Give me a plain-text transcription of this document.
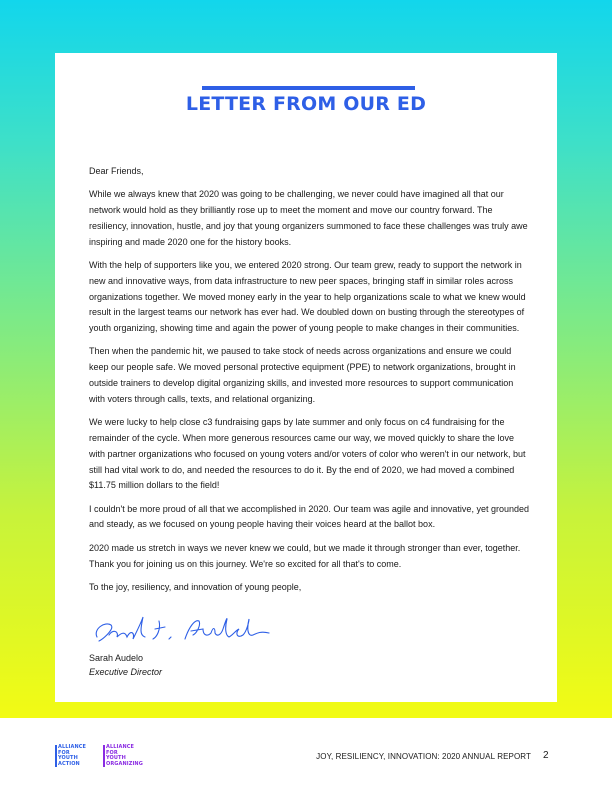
LETTER FROM OUR ED

Dear Friends,

While we always knew that 2020 was going to be challenging, we never could have imagined all that our network would hold as they brilliantly rose up to meet the moment and move our country forward. The resiliency, innovation, hustle, and joy that young organizers summoned to face these challenges was truly awe inspiring and made 2020 one for the history books.

With the help of supporters like you, we entered 2020 strong. Our team grew, ready to support the network in new and innovative ways, from data infrastructure to new peer spaces, bringing staff in similar roles across organizations together. We moved money early in the year to help organizations scale to what we knew would result in the largest teams our network has ever had. We doubled down on busting through the stereotypes of youth organizing, showing time and again the power of young people to make changes in their communities.

Then when the pandemic hit, we paused to take stock of needs across organizations and ensure we could keep our people safe. We moved personal protective equipment (PPE) to network organizations, brought in outside trainers to develop digital organizing skills, and invested more resources to support communication with voters through calls, texts, and relational organizing.

We were lucky to help close c3 fundraising gaps by late summer and only focus on c4 fundraising for the remainder of the cycle. When more generous resources came our way, we moved quickly to share the love with partner organizations who focused on young voters and/or voters of color who weren't in our network, but still had vital work to do, and needed the resources to do it. By the end of 2020, we had moved a combined $11.75 million dollars to the field!

I couldn't be more proud of all that we accomplished in 2020. Our team was agile and innovative, yet grounded and steady, as we focused on young people having their voices heard at the ballot box.

2020 made us stretch in ways we never knew we could, but we made it through stronger than ever, together. Thank you for joining us on this journey. We're so excited for all that's to come.

To the joy, resiliency, and innovation of young people,

Sarah Audelo
Executive Director
ALLIANCE
FOR
YOUTH
ACTION
ALLIANCE
FOR
YOUTH
ORGANIZING
JOY, RESILIENCY, INNOVATION: 2020 ANNUAL REPORT 2
